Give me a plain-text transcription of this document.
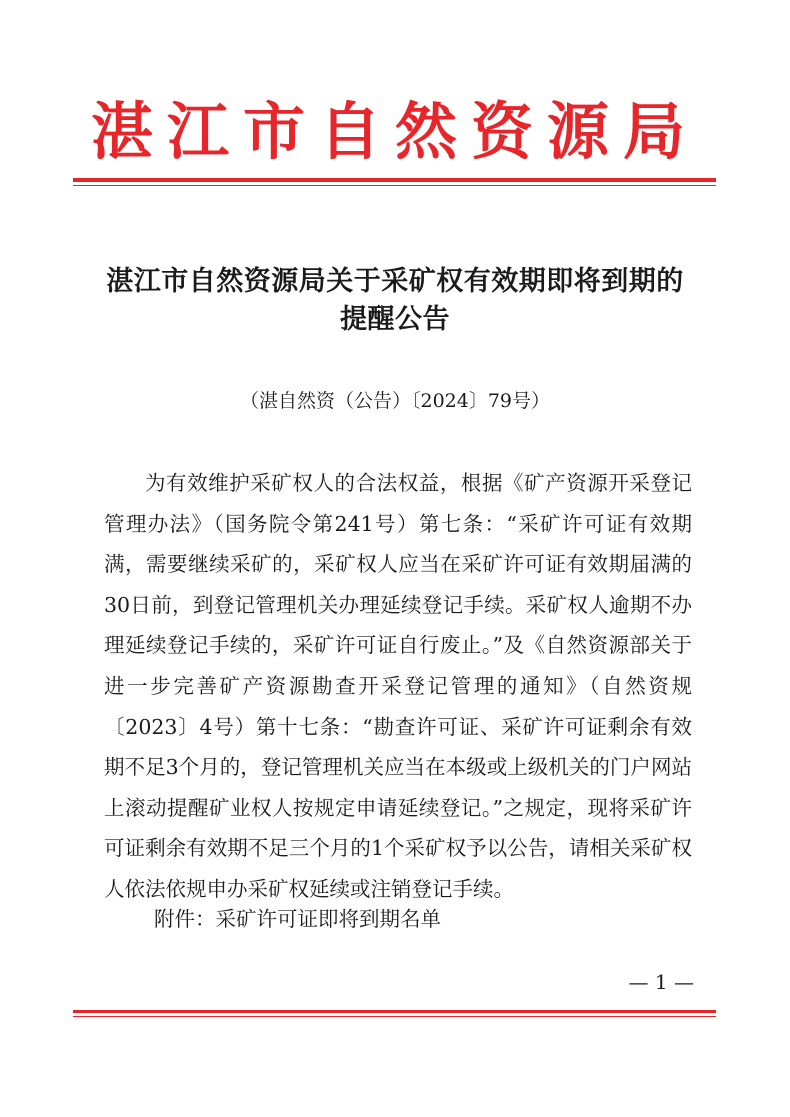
湛江市自然资源局
湛江市自然资源局关于采矿权有效期即将到期的提醒公告
（湛自然资（公告）〔2024〕79号）
为有效维护采矿权人的合法权益，根据《矿产资源开采登记管理办法》（国务院令第241号）第七条：“采矿许可证有效期满，需要继续采矿的，采矿权人应当在采矿许可证有效期届满的30日前，到登记管理机关办理延续登记手续。采矿权人逾期不办理延续登记手续的，采矿许可证自行废止。”及《自然资源部关于进一步完善矿产资源勘查开采登记管理的通知》（自然资规〔2023〕4号）第十七条：“勘查许可证、采矿许可证剩余有效期不足3个月的，登记管理机关应当在本级或上级机关的门户网站上滚动提醒矿业权人按规定申请延续登记。”之规定，现将采矿许可证剩余有效期不足三个月的1个采矿权予以公告，请相关采矿权人依法依规申办采矿权延续或注销登记手续。
附件：采矿许可证即将到期名单
— 1 —
